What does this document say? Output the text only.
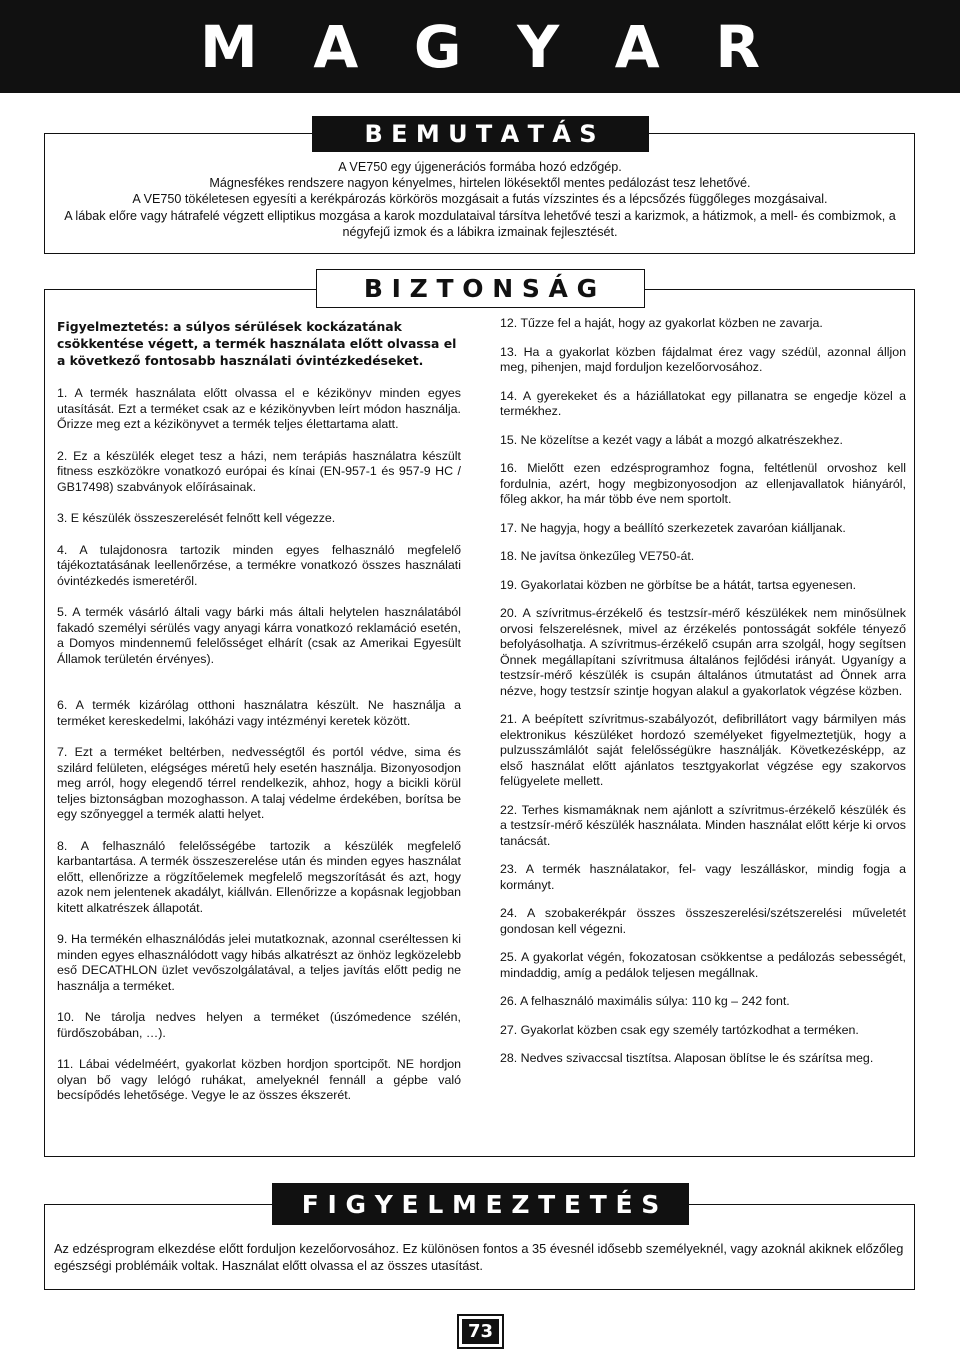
M A G Y A R
B E M U T A T Á S

A VE750 egy újgenerációs formába hozó edzőgép.

Mágnesfékes rendszere nagyon kényelmes, hirtelen lökésektől mentes pedálozást tesz lehetővé.

A VE750 tökéletesen egyesíti a kerékpározás körkörös mozgásait a futás vízszintes és a lépcsőzés függőleges mozgásaival.

A lábak előre vagy hátrafelé végzett elliptikus mozgása a karok mozdulataival társítva lehetővé teszi a karizmok, a hátizmok, a mell- és combizmok, a négyfejű izmok és a lábikra izmainak fejlesztését.

B I Z T O N S Á G

Figyelmeztetés: a súlyos sérülések kockázatának csökkentése végett, a termék használata előtt olvassa el a következő fontosabb használati óvintézkedéseket.

1. A termék használata előtt olvassa el e kézikönyv minden egyes utasítását. Ezt a terméket csak az e kézikönyvben leírt módon használja. Őrizze meg ezt a kézikönyvet a termék teljes élettartama alatt.

2. Ez a készülék eleget tesz a házi, nem terápiás használatra készült fitness eszközökre vonatkozó európai és kínai (EN-957-1 és 957-9 HC / GB17498) szabványok előírásainak.

3. E készülék összeszerelését felnőtt kell végezze.

4. A tulajdonosra tartozik minden egyes felhasználó megfelelő tájékoztatásának leellenőrzése, a termékre vonatkozó összes használati óvintézkedés ismeretéről.

5. A termék vásárló általi vagy bárki más általi helytelen használatából fakadó személyi sérülés vagy anyagi kárra vonatkozó reklamáció esetén, a Domyos mindennemű felelősséget elhárít (csak az Amerikai Egyesült Államok területén érvényes).

6. A termék kizárólag otthoni használatra készült. Ne használja a terméket kereskedelmi, lakóházi vagy intézményi keretek között.

7. Ezt a terméket beltérben, nedvességtől és portól védve, sima és szilárd felületen, elégséges méretű hely esetén használja. Bizonyosodjon meg arról, hogy elegendő térrel rendelkezik, ahhoz, hogy a bicikli körül teljes biztonságban mozoghasson. A talaj védelme érdekében, borítsa be egy szőnyeggel a termék alatti helyet.

8. A felhasználó felelősségébe tartozik a készülék megfelelő karbantartása. A termék összeszerelése után és minden egyes használat előtt, ellenőrizze a rögzítőelemek megfelelő megszorítását és azt, hogy azok nem jelentenek akadályt, kiállván. Ellenőrizze a kopásnak legjobban kitett alkatrészek állapotát.

9. Ha termékén elhasználódás jelei mutatkoznak, azonnal cseréltessen ki minden egyes elhasználódott vagy hibás alkatrészt az önhöz legközelebb eső DECATHLON üzlet vevőszolgálatával, a teljes javítás előtt pedig ne használja a terméket.

10. Ne tárolja nedves helyen a terméket (úszómedence szélén, fürdőszobában, …).

11. Lábai védelméért, gyakorlat közben hordjon sportcipőt. NE hordjon olyan bő vagy lelógó ruhákat, amelyeknél fennáll a gépbe való becsípődés lehetősége. Vegye le az összes ékszerét.

12. Tűzze fel a haját, hogy az gyakorlat közben ne zavarja.

13. Ha a gyakorlat közben fájdalmat érez vagy szédül, azonnal álljon meg, pihenjen, majd forduljon kezelőorvosához.

14. A gyerekeket és a háziállatokat egy pillanatra se engedje közel a termékhez.

15. Ne közelítse a kezét vagy a lábát a mozgó alkatrészekhez.

16. Mielőtt ezen edzésprogramhoz fogna, feltétlenül orvoshoz kell fordulnia, azért, hogy megbizonyosodjon az ellenjavallatok hiányáról, főleg akkor, ha már több éve nem sportolt.

17. Ne hagyja, hogy a beállító szerkezetek zavaróan kiálljanak.

18. Ne javítsa önkezűleg VE750-át.

19. Gyakorlatai közben ne görbítse be a hátát, tartsa egyenesen.

20. A szívritmus-érzékelő és testzsír-mérő készülékek nem minősülnek orvosi felszerelésnek, mivel az érzékelés pontosságát sokféle tényező befolyásolhatja. A szívritmus-érzékelő csupán arra szolgál, hogy segítsen Önnek megállapítani szívritmusa általános fejlődési irányát. Ugyanígy a testzsír-mérő készülék is csupán általános útmutatást ad Önnek arra nézve, hogy testzsír szintje hogyan alakul a gyakorlatok végzése közben.

21. A beépített szívritmus-szabályozót, defibrillátort vagy bármilyen más elektronikus készüléket hordozó személyeket figyelmeztetjük, hogy a pulzusszámlálót saját felelősségükre használják. Következésképp, az első használat előtt ajánlatos tesztgyakorlat végzése egy szakorvos felügyelete mellett.

22. Terhes kismamáknak nem ajánlott a szívritmus-érzékelő készülék és a testzsír-mérő készülék használata. Minden használat előtt kérje ki orvos tanácsát.

23. A termék használatakor, fel- vagy leszálláskor, mindig fogja a kormányt.

24. A szobakerékpár összes összeszerelési/szétszerelési műveletét gondosan kell végezni.

25. A gyakorlat végén, fokozatosan csökkentse a pedálozás sebességét, mindaddig, amíg a pedálok teljesen megállnak.

26. A felhasználó maximális súlya: 110 kg – 242 font.

27. Gyakorlat közben csak egy személy tartózkodhat a terméken.

28. Nedves szivaccsal tisztítsa. Alaposan öblítse le és szárítsa meg.

F I G Y E L M E Z T E T É S

Az edzésprogram elkezdése előtt forduljon kezelőorvosához. Ez különösen fontos a 35 évesnél idősebb személyeknél, vagy azoknál akiknek előzőleg egészségi problémáik voltak. Használat előtt olvassa el az összes utasítást.

73
